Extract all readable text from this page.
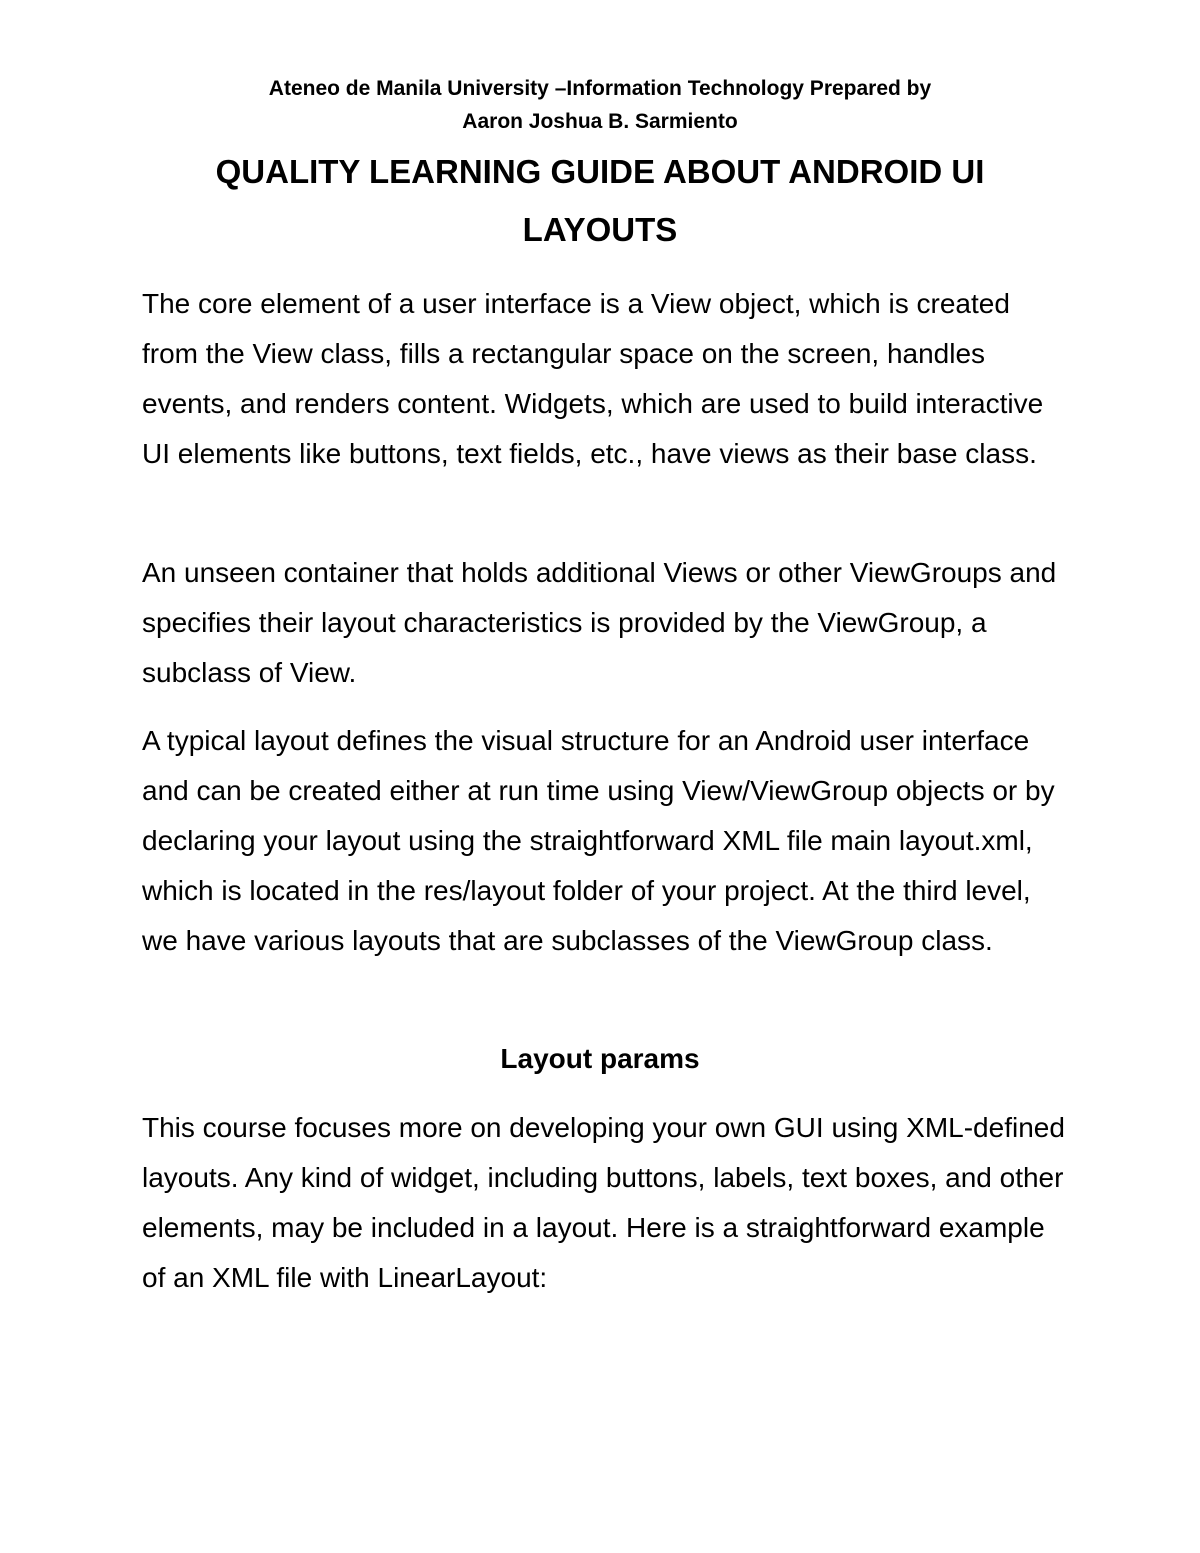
Ateneo de Manila University –Information Technology Prepared by
Aaron Joshua B. Sarmiento
QUALITY LEARNING GUIDE ABOUT ANDROID UI
LAYOUTS

The core element of a user interface is a View object, which is created from the View class, fills a rectangular space on the screen, handles events, and renders content. Widgets, which are used to build interactive UI elements like buttons, text fields, etc., have views as their base class.

An unseen container that holds additional Views or other ViewGroups and specifies their layout characteristics is provided by the ViewGroup, a subclass of View.

A typical layout defines the visual structure for an Android user interface and can be created either at run time using View/ViewGroup objects or by declaring your layout using the straightforward XML file main layout.xml, which is located in the res/layout folder of your project. At the third level, we have various layouts that are subclasses of the ViewGroup class.

Layout params

This course focuses more on developing your own GUI using XML-defined layouts. Any kind of widget, including buttons, labels, text boxes, and other elements, may be included in a layout. Here is a straightforward example of an XML file with LinearLayout:
